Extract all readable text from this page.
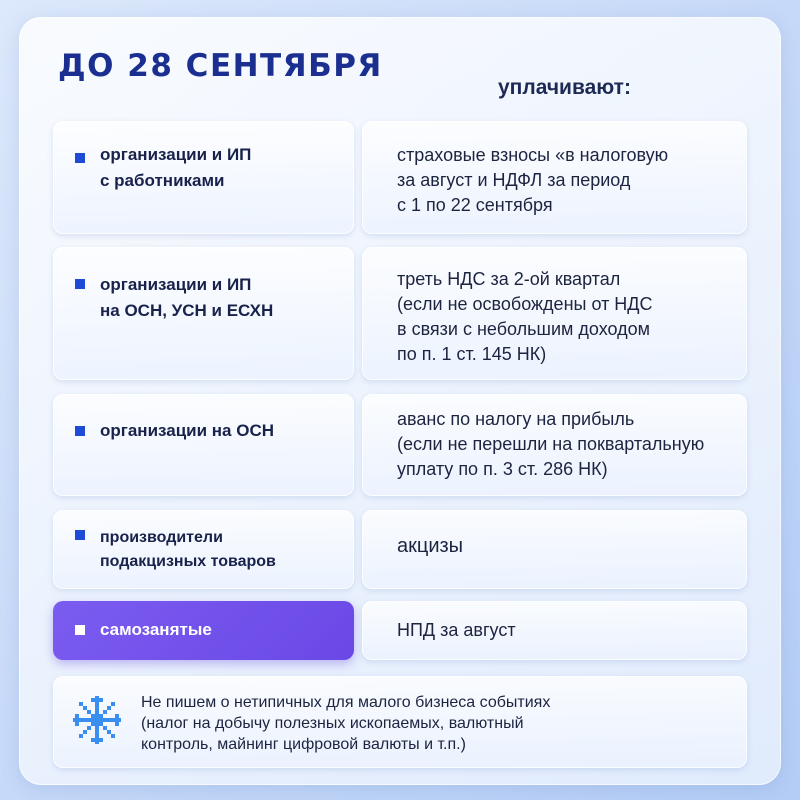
ДО 28 СЕНТЯБРЯ
уплачивают:
организации и ИП
с работниками
страховые взносы «в налоговую
за август и НДФЛ за период
с 1 по 22 сентября
организации и ИП
на ОСН, УСН и ЕСХН
треть НДС за 2-ой квартал
(если не освобождены от НДС
в связи с небольшим доходом
по п. 1 ст. 145 НК)
организации на ОСН
аванс по налогу на прибыль
(если не перешли на поквартальную
уплату по п. 3 ст. 286 НК)
производители
подакцизных товаров
акцизы
самозанятые	НПД за август
Не пишем о нетипичных для малого бизнеса событиях
(налог на добычу полезных ископаемых, валютный
контроль, майнинг цифровой валюты и т.п.)
